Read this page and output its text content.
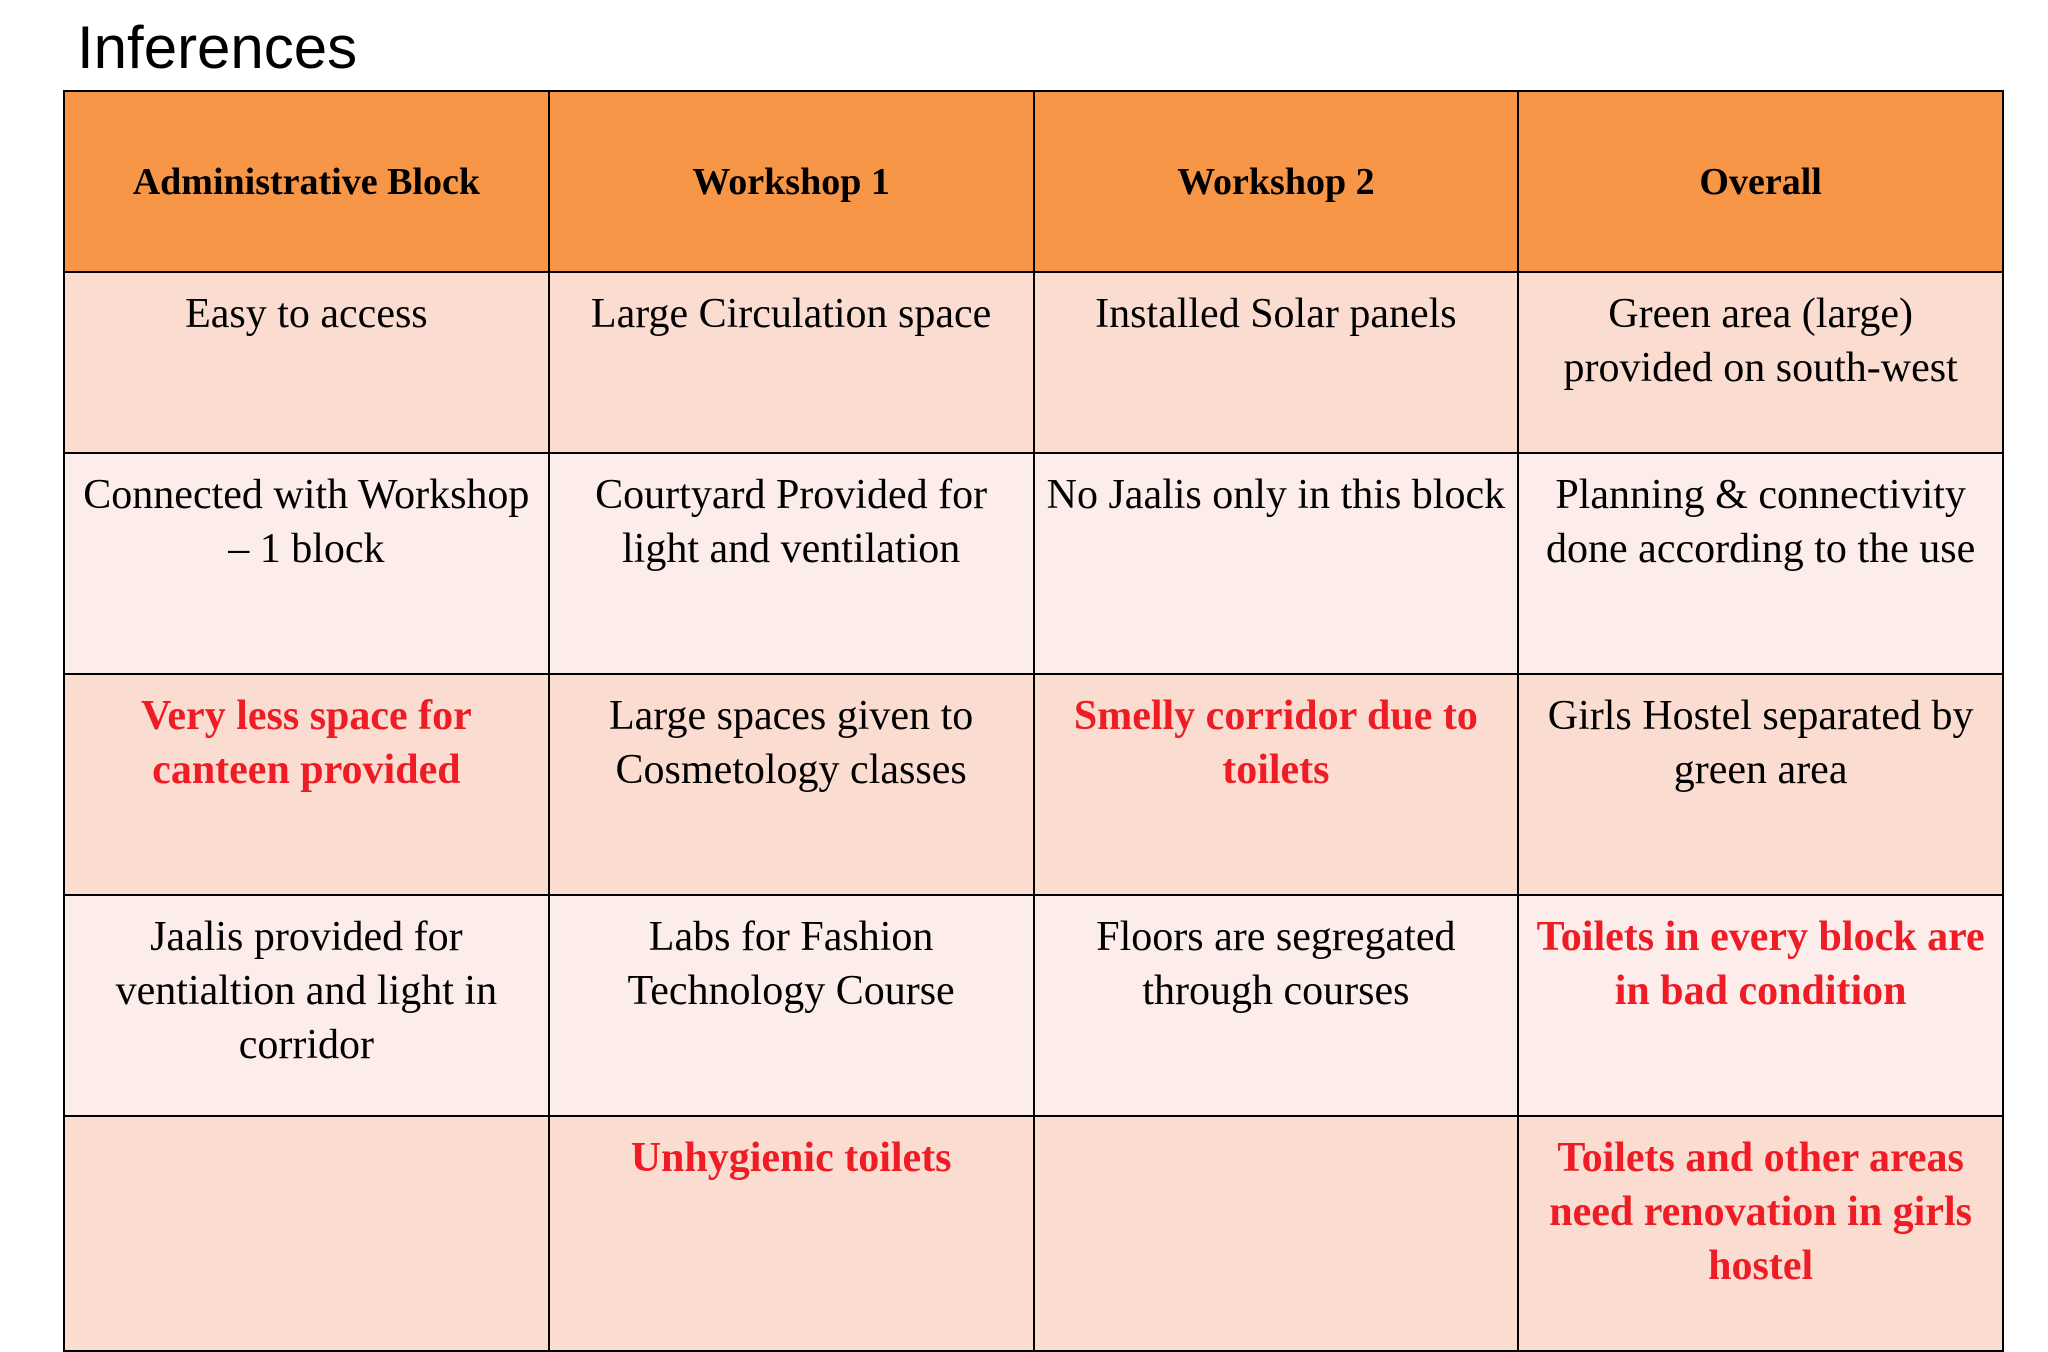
Inferences
Administrative Block	Workshop 1	Workshop 2	Overall
Easy to access	Large Circulation space	Installed Solar panels	Green area (large) provided on south-west
Connected with Workshop – 1 block	Courtyard Provided for light and ventilation	No Jaalis only in this block	Planning & connectivity done according to the use
Very less space for canteen provided	Large spaces given to Cosmetology classes	Smelly corridor due to toilets	Girls Hostel separated by green area
Jaalis provided for ventialtion and light in corridor	Labs for Fashion Technology Course	Floors are segregated through courses	Toilets in every block are in bad condition
	Unhygienic toilets		Toilets and other areas need renovation in girls hostel
